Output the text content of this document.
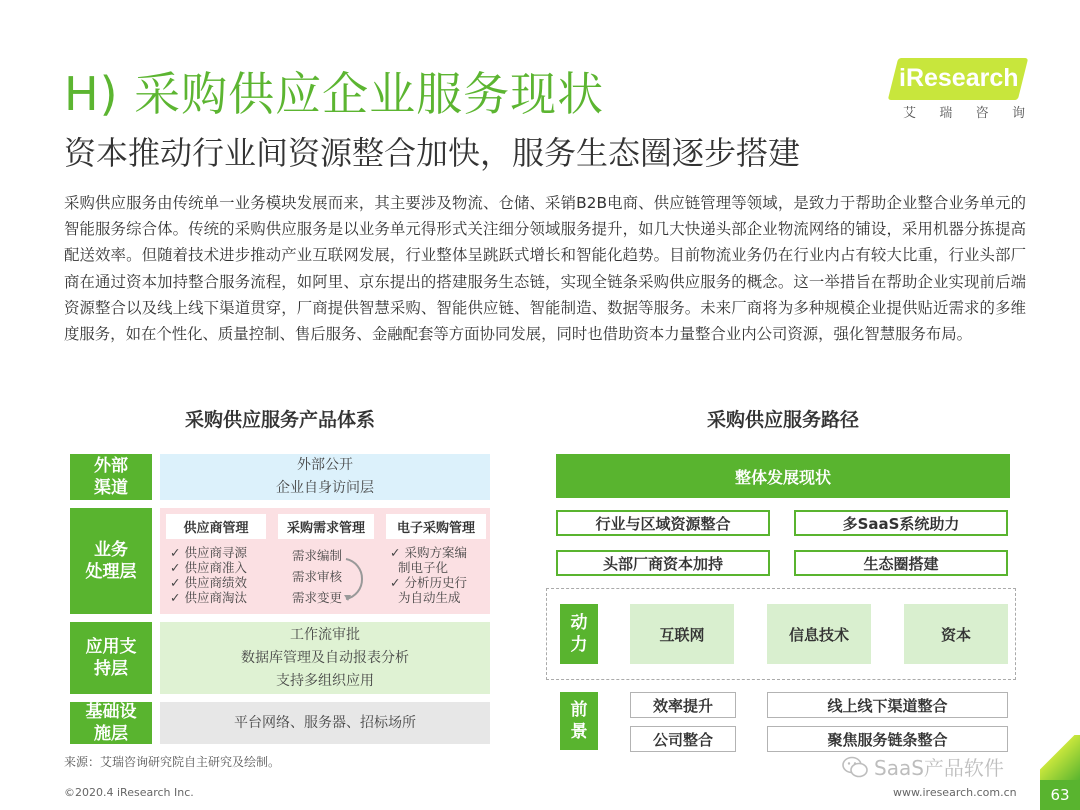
H) 采购供应企业服务现状
资本推动行业间资源整合加快，服务生态圈逐步搭建
iResearch
艾 瑞 咨 询
采购供应服务由传统单一业务模块发展而来，其主要涉及物流、仓储、采销B2B电商、供应链管理等领域，是致力于帮助企业整合业务单元的智能服务综合体。传统的采购供应服务是以业务单元得形式关注细分领域服务提升，如几大快递头部企业物流网络的铺设，采用机器分拣提高配送效率。但随着技术进步推动产业互联网发展，行业整体呈跳跃式增长和智能化趋势。目前物流业务仍在行业内占有较大比重，行业头部厂商在通过资本加持整合服务流程，如阿里、京东提出的搭建服务生态链，实现全链条采购供应服务的概念。这一举措旨在帮助企业实现前后端资源整合以及线上线下渠道贯穿，厂商提供智慧采购、智能供应链、智能制造、数据等服务。未来厂商将为多种规模企业提供贴近需求的多维度服务，如在个性化、质量控制、售后服务、金融配套等方面协同发展，同时也借助资本力量整合业内公司资源，强化智慧服务布局。
采购供应服务产品体系
外部
渠道
外部公开
企业自身访问层
业务
处理层
供应商管理
✓ 供应商寻源
✓ 供应商准入
✓ 供应商绩效
✓ 供应商淘汰
采购需求管理
需求编制
需求审核
需求变更
电子采购管理
✓ 采购方案编
制电子化
✓ 分析历史行
为自动生成
应用支
持层
工作流审批
数据库管理及自动报表分析
支持多组织应用
基础设
施层
平台网络、服务器、招标场所
采购供应服务路径
整体发展现状
行业与区域资源整合	多SaaS系统助力
头部厂商资本加持	生态圈搭建
动
力
互联网	信息技术	资本
前
景
效率提升	线上线下渠道整合
公司整合	聚焦服务链条整合
来源：艾瑞咨询研究院自主研究及绘制。	SaaS产品软件
©2020.4 iResearch Inc.	www.iresearch.com.cn	63
